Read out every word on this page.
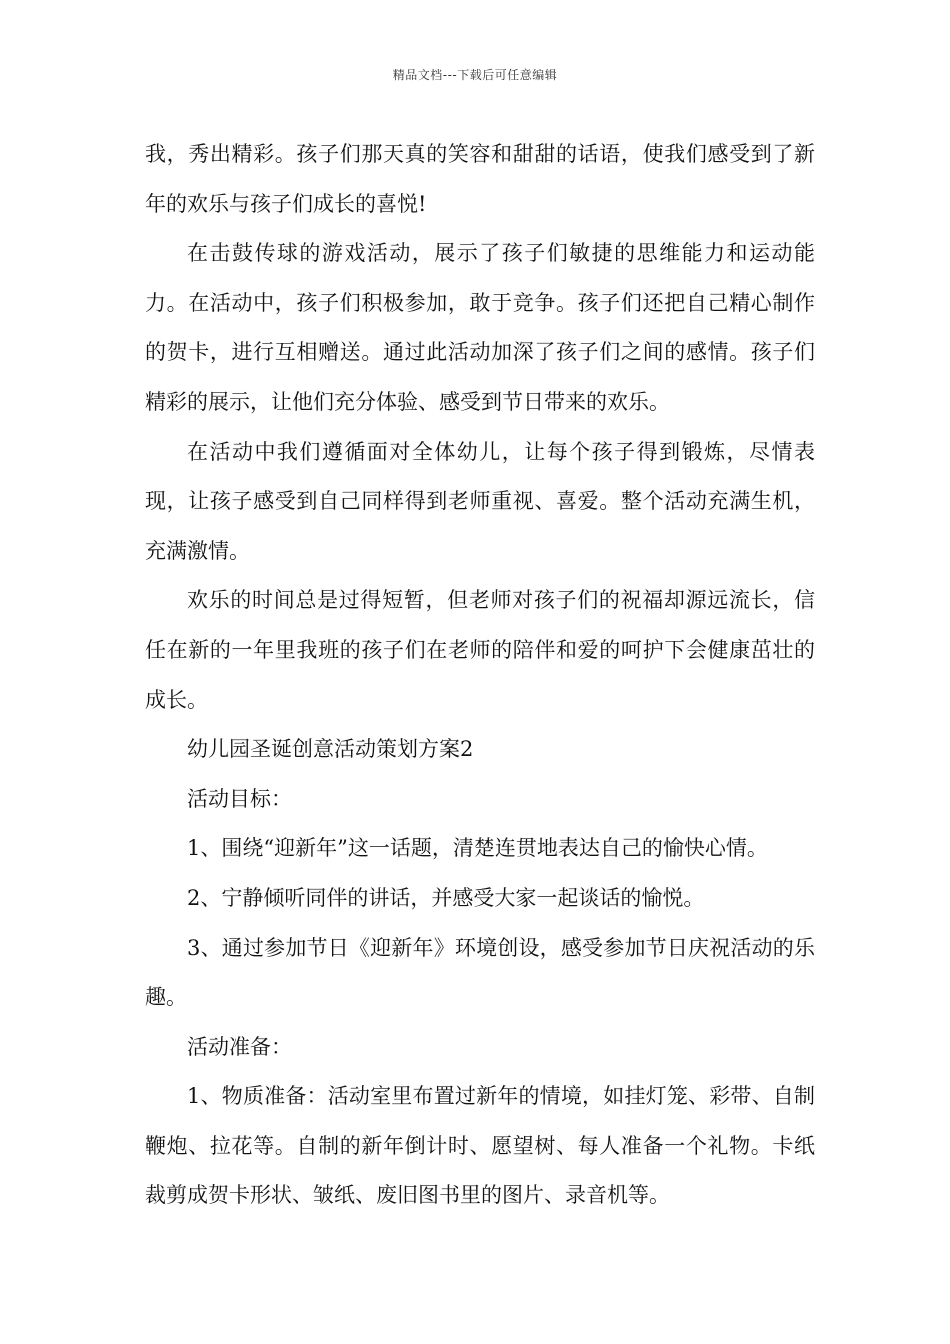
精品文档---下载后可任意编辑

我，秀出精彩。孩子们那天真的笑容和甜甜的话语，使我们感受到了新年的欢乐与孩子们成长的喜悦!

在击鼓传球的游戏活动，展示了孩子们敏捷的思维能力和运动能力。在活动中，孩子们积极参加，敢于竞争。孩子们还把自己精心制作的贺卡，进行互相赠送。通过此活动加深了孩子们之间的感情。孩子们精彩的展示，让他们充分体验、感受到节日带来的欢乐。

在活动中我们遵循面对全体幼儿，让每个孩子得到锻炼，尽情表现，让孩子感受到自己同样得到老师重视、喜爱。整个活动充满生机，充满激情。

欢乐的时间总是过得短暂，但老师对孩子们的祝福却源远流长，信任在新的一年里我班的孩子们在老师的陪伴和爱的呵护下会健康茁壮的成长。

幼儿园圣诞创意活动策划方案2

活动目标：

1、围绕“迎新年”这一话题，清楚连贯地表达自己的愉快心情。

2、宁静倾听同伴的讲话，并感受大家一起谈话的愉悦。

3、通过参加节日《迎新年》环境创设，感受参加节日庆祝活动的乐趣。

活动准备：

1、物质准备：活动室里布置过新年的情境，如挂灯笼、彩带、自制鞭炮、拉花等。自制的新年倒计时、愿望树、每人准备一个礼物。卡纸裁剪成贺卡形状、皱纸、废旧图书里的图片、录音机等。
